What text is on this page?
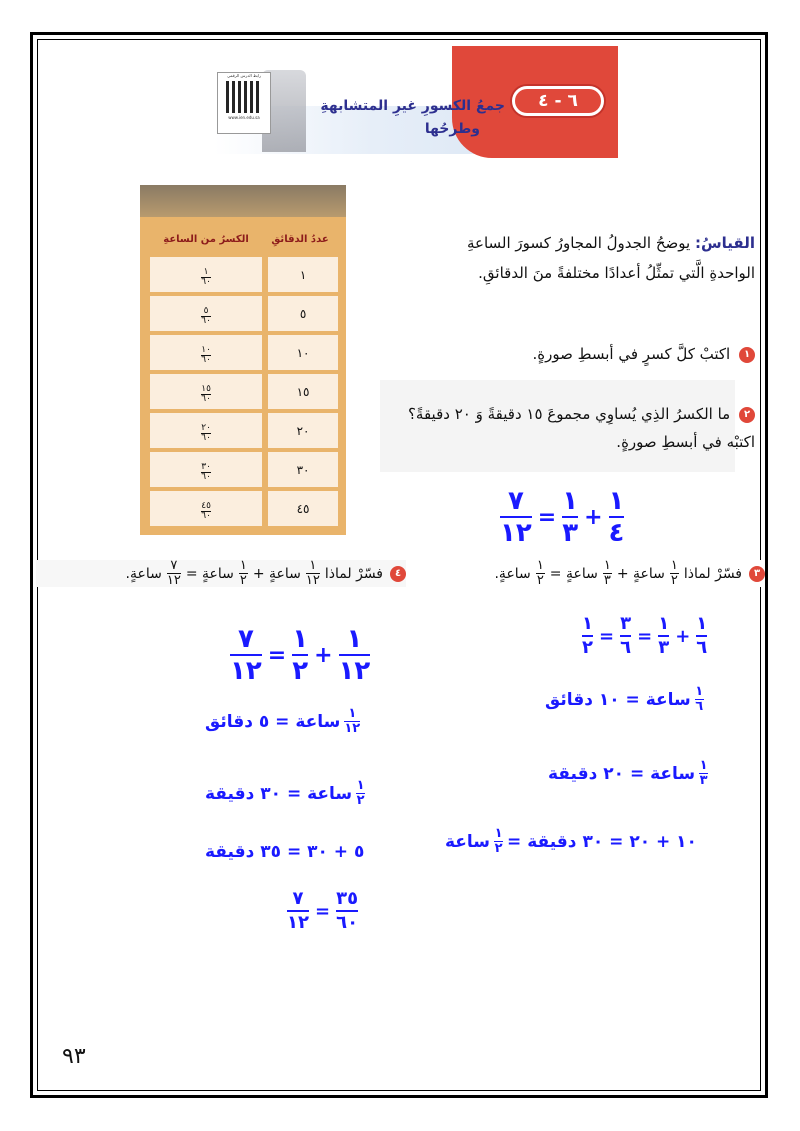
رابط الدرس الرقمي
www.ien.edu.sa
٦ - ٤
جمعُ الكسورِ غيرِ المتشابهةِ
وطرحُها
عددُ الدقائقِ	الكسرُ من الساعةِ
١	$\frac{١}{٦٠}$

٥	$\frac{٥}{٦٠}$

١٠	$\frac{١٠}{٦٠}$

١٥	$\frac{١٥}{٦٠}$

٢٠	$\frac{٢٠}{٦٠}$

٣٠	$\frac{٣٠}{٦٠}$

٤٥	$\frac{٤٥}{٦٠}$
القياسُ: يوضحُ الجدولُ المجاورُ كسورَ الساعةِ الواحدةِ الَّتي تمثِّلُ أعدادًا مختلفةً منَ الدقائقِ.
١ اكتبْ كلَّ كسرٍ في أبسطِ صورةٍ.
٢ ما الكسرُ الذِي يُساوِي مجموعَ ١٥ دقيقةً وَ ٢٠ دقيقةً؟ اكتبْه في أبسطِ صورةٍ.
٧
١٢
=
١
٣
+
١
٤
٣
فسّرْ لماذا
١
٢
ساعةٍ +
١
٣
ساعةٍ =
١
٢
ساعةٍ.
٤
فسّرْ لماذا
١
١٢
ساعةٍ +
١
٢
ساعةٍ =
٧
١٢
ساعةٍ.
١
٢
=
٣
٦
=
١
٣
+
١
٦
١
٦
ساعة = ١٠ دقائق
١
٣
ساعة = ٢٠ دقيقة
١٠ + ٢٠ = ٣٠ دقيقة =
١
٢
ساعة
٧
١٢
=
١
٢
+
١
١٢
١
١٢
ساعة = ٥ دقائق
١
٢
ساعة = ٣٠ دقيقة
٥ + ٣٠ = ٣٥ دقيقة
٧
١٢
=
٣٥
٦٠
٩٣
